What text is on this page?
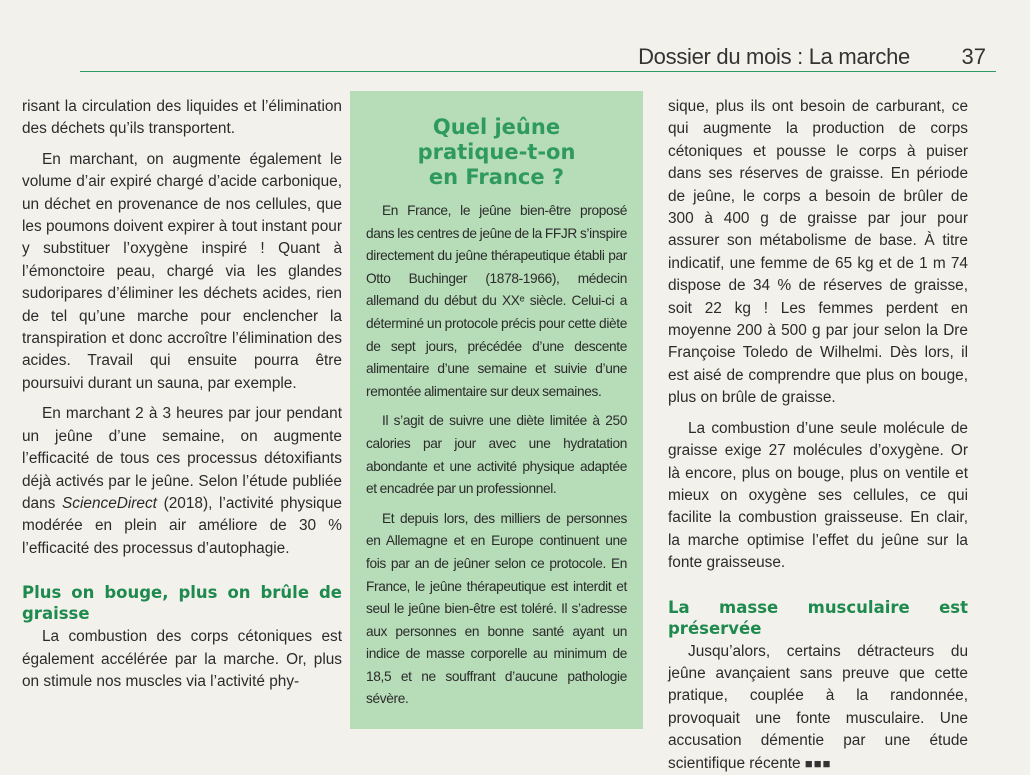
Dossier du mois : La marche 37

risant la circulation des liquides et l’élimination des déchets qu’ils transportent.

En marchant, on augmente également le volume d’air expiré chargé d’acide carbonique, un déchet en provenance de nos cellules, que les poumons doivent expirer à tout instant pour y substituer l’oxygène inspiré ! Quant à l’émonctoire peau, chargé via les glandes sudoripares d’éliminer les déchets acides, rien de tel qu’une marche pour enclencher la transpiration et donc accroître l’élimination des acides. Travail qui ensuite pourra être poursuivi durant un sauna, par exemple.

En marchant 2 à 3 heures par jour pendant un jeûne d’une semaine, on augmente l’efficacité de tous ces processus détoxifiants déjà activés par le jeûne. Selon l’étude publiée dans ScienceDirect (2018), l’activité physique modérée en plein air améliore de 30 % l’efficacité des processus d’autophagie.

Plus on bouge, plus on brûle de graisse

La combustion des corps cétoniques est également accélérée par la marche. Or, plus on stimule nos muscles via l’activité phy-

Quel jeûne
pratique-t-on
en France ?

En France, le jeûne bien-être proposé dans les centres de jeûne de la FFJR s’inspire directement du jeûne thérapeutique établi par Otto Buchinger (1878-1966), médecin allemand du début du XXᵉ siècle. Celui-ci a déterminé un protocole précis pour cette diète de sept jours, précédée d’une descente alimentaire d’une semaine et suivie d’une remontée alimentaire sur deux semaines.

Il s’agit de suivre une diète limitée à 250 calories par jour avec une hydratation abondante et une activité physique adaptée et encadrée par un professionnel.

Et depuis lors, des milliers de personnes en Allemagne et en Europe continuent une fois par an de jeûner selon ce protocole. En France, le jeûne thérapeutique est interdit et seul le jeûne bien-être est toléré. Il s’adresse aux personnes en bonne santé ayant un indice de masse corporelle au minimum de 18,5 et ne souffrant d’aucune pathologie sévère.

sique, plus ils ont besoin de carburant, ce qui augmente la production de corps cétoniques et pousse le corps à puiser dans ses réserves de graisse. En période de jeûne, le corps a besoin de brûler de 300 à 400 g de graisse par jour pour assurer son métabolisme de base. À titre indicatif, une femme de 65 kg et de 1 m 74 dispose de 34 % de réserves de graisse, soit 22 kg ! Les femmes perdent en moyenne 200 à 500 g par jour selon la Dre Françoise Toledo de Wilhelmi. Dès lors, il est aisé de comprendre que plus on bouge, plus on brûle de graisse.

La combustion d’une seule molécule de graisse exige 27 molécules d’oxygène. Or là encore, plus on bouge, plus on ventile et mieux on oxygène ses cellules, ce qui facilite la combustion graisseuse. En clair, la marche optimise l’effet du jeûne sur la fonte graisseuse.

La masse musculaire est préservée

Jusqu’alors, certains détracteurs du jeûne avançaient sans preuve que cette pratique, couplée à la randonnée, provoquait une fonte musculaire. Une accusation démentie par une étude scientifique récente ■■■
